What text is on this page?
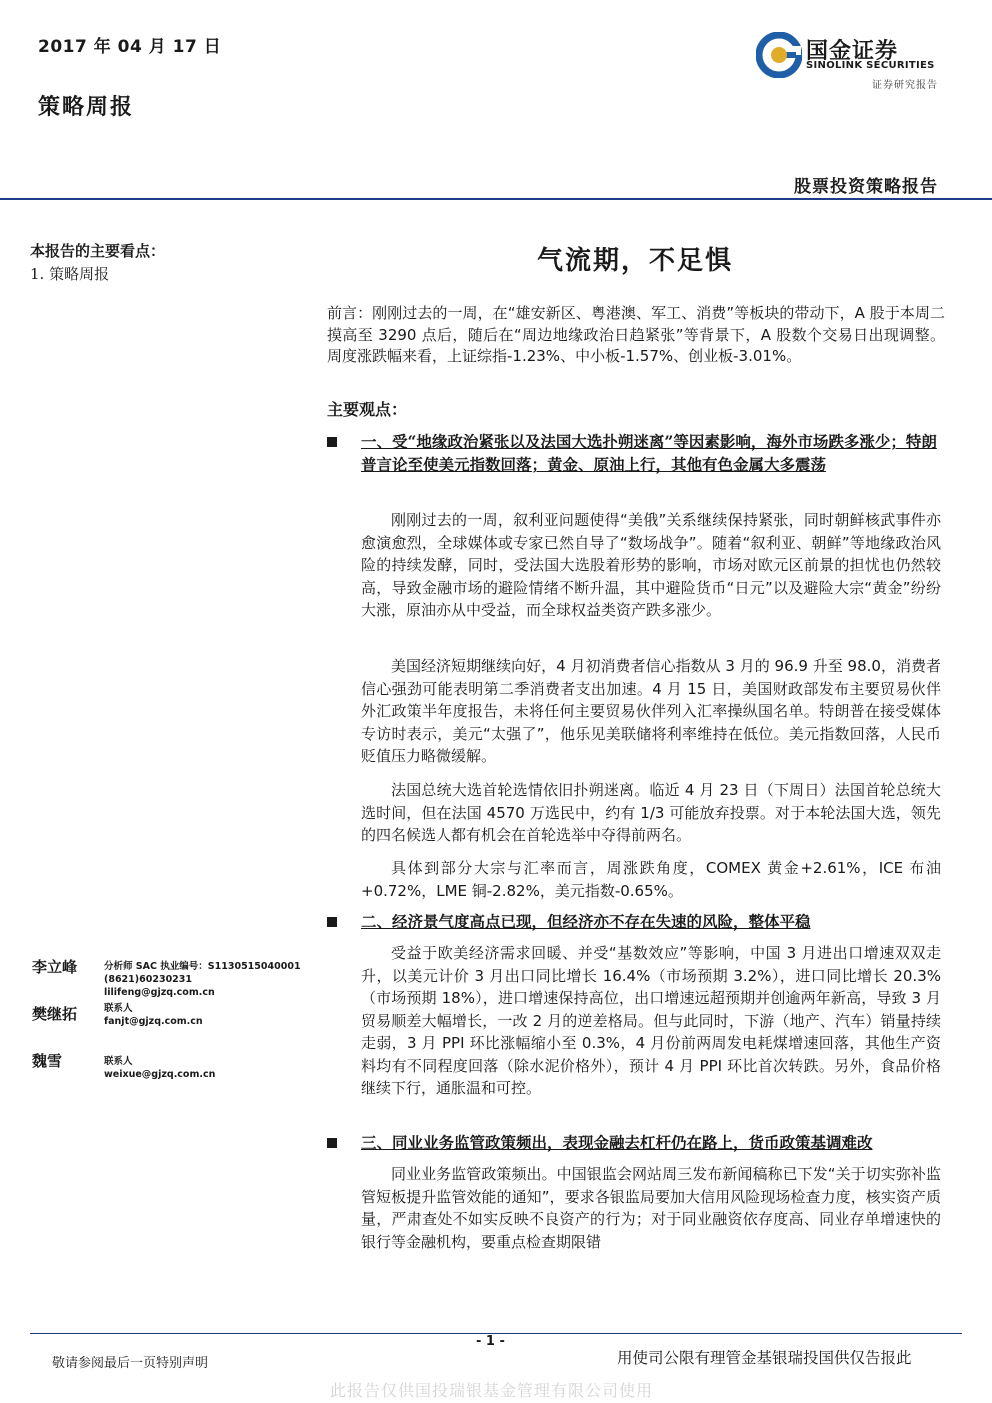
2017 年 04 月 17 日
策略周报
国金证券
SINOLINK SECURITIES
证券研究报告
股票投资策略报告
本报告的主要看点：
1. 策略周报	气流期，不足惧
前言：刚刚过去的一周，在“雄安新区、粤港澳、军工、消费”等板块的带动下，A 股于本周二摸高至 3290 点后，随后在“周边地缘政治日趋紧张”等背景下，A 股数个交易日出现调整。周度涨跌幅来看，上证综指-1.23%、中小板-1.57%、创业板-3.01%。
主要观点：
一、受“地缘政治紧张以及法国大选扑朔迷离”等因素影响，海外市场跌多涨少；特朗普言论至使美元指数回落；黄金、原油上行，其他有色金属大多震荡
刚刚过去的一周，叙利亚问题使得“美俄”关系继续保持紧张，同时朝鲜核武事件亦愈演愈烈，全球媒体或专家已然自导了“数场战争”。随着“叙利亚、朝鲜”等地缘政治风险的持续发酵，同时，受法国大选股着形势的影响，市场对欧元区前景的担忧也仍然较高，导致金融市场的避险情绪不断升温，其中避险货币“日元”以及避险大宗“黄金”纷纷大涨，原油亦从中受益，而全球权益类资产跌多涨少。
美国经济短期继续向好，4 月初消费者信心指数从 3 月的 96.9 升至 98.0，消费者信心强劲可能表明第二季消费者支出加速。4 月 15 日，美国财政部发布主要贸易伙伴外汇政策半年度报告，未将任何主要贸易伙伴列入汇率操纵国名单。特朗普在接受媒体专访时表示，美元“太强了”，他乐见美联储将利率维持在低位。美元指数回落，人民币贬值压力略微缓解。
法国总统大选首轮选情依旧扑朔迷离。临近 4 月 23 日（下周日）法国首轮总统大选时间，但在法国 4570 万选民中，约有 1/3 可能放弃投票。对于本轮法国大选，领先的四名候选人都有机会在首轮选举中夺得前两名。
具体到部分大宗与汇率而言，周涨跌角度，COMEX 黄金+2.61%，ICE 布油+0.72%，LME 铜-2.82%，美元指数-0.65%。
二、经济景气度高点已现，但经济亦不存在失速的风险，整体平稳
受益于欧美经济需求回暖、并受“基数效应”等影响，中国 3 月进出口增速双双走升，以美元计价 3 月出口同比增长 16.4%（市场预期 3.2%），进口同比增长 20.3%（市场预期 18%），进口增速保持高位，出口增速远超预期并创逾两年新高，导致 3 月贸易顺差大幅增长，一改 2 月的逆差格局。但与此同时，下游（地产、汽车）销量持续走弱，3 月 PPI 环比涨幅缩小至 0.3%，4 月份前两周发电耗煤增速回落，其他生产资料均有不同程度回落（除水泥价格外），预计 4 月 PPI 环比首次转跌。另外，食品价格继续下行，通胀温和可控。
三、同业业务监管政策频出，表现金融去杠杆仍在路上，货币政策基调难改
同业业务监管政策频出。中国银监会网站周三发布新闻稿称已下发“关于切实弥补监管短板提升监管效能的通知”，要求各银监局要加大信用风险现场检查力度，核实资产质量，严肃查处不如实反映不良资产的行为；对于同业融资依存度高、同业存单增速快的银行等金融机构，要重点检查期限错
李立峰	分析师 SAC 执业编号：S1130515040001
(8621)60230231
lilifeng@gjzq.com.cn
樊继拓	联系人
fanjt@gjzq.com.cn
魏雪	联系人
weixue@gjzq.com.cn
- 1 -
敬请参阅最后一页特别声明	用使司公限有理管金基银瑞投国供仅告报此
此报告仅供国投瑞银基金管理有限公司使用
